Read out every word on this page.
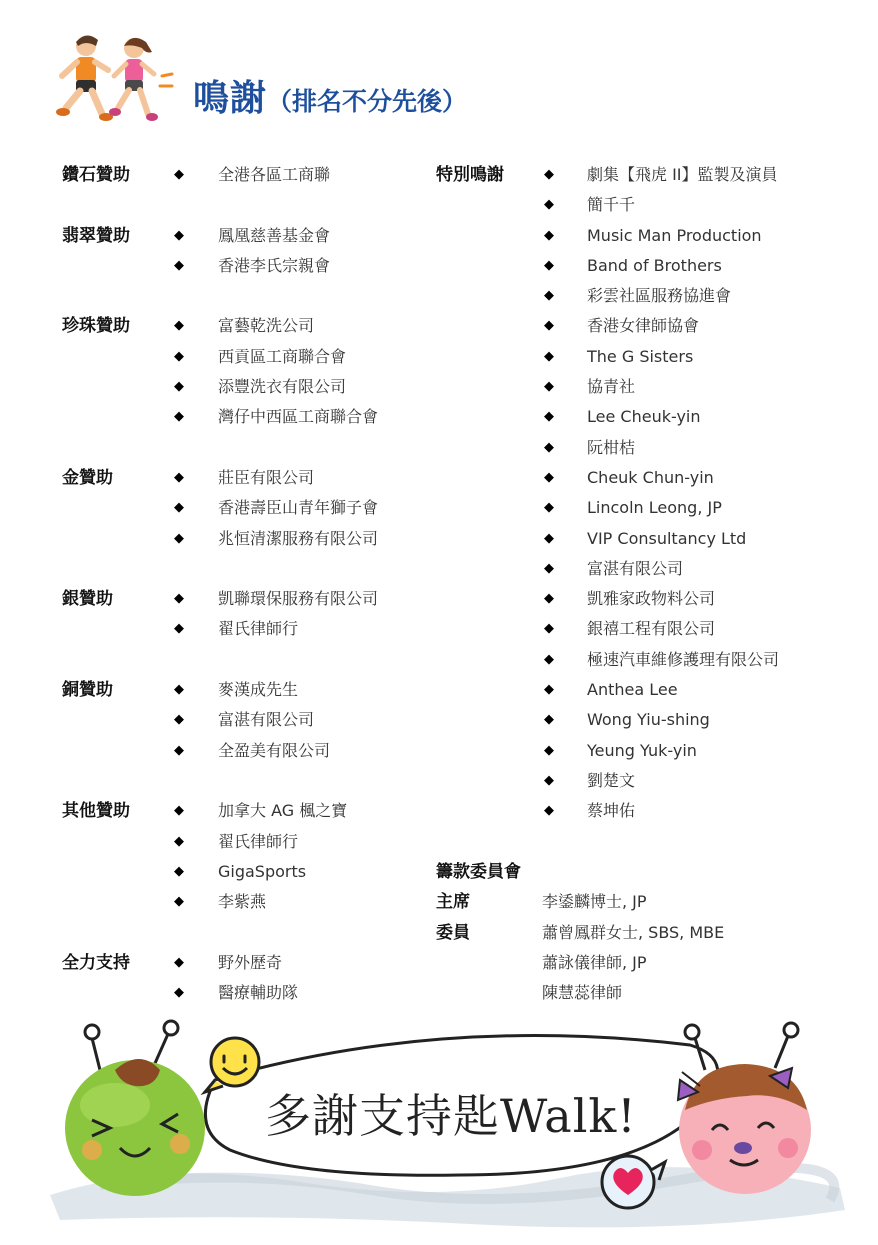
鳴謝（排名不分先後）
鑽石贊助	◆ 全港各區工商聯
翡翠贊助	◆ 鳳凰慈善基金會
◆ 香港李氏宗親會
珍珠贊助	◆ 富藝乾洗公司
◆ 西貢區工商聯合會
◆ 添豐洗衣有限公司
◆ 灣仔中西區工商聯合會
金贊助	◆ 莊臣有限公司
◆ 香港壽臣山青年獅子會
◆ 兆恒清潔服務有限公司
銀贊助	◆ 凱聯環保服務有限公司
◆ 翟氏律師行
銅贊助	◆ 麥漢成先生
◆ 富湛有限公司
◆ 全盈美有限公司
其他贊助	◆ 加拿大 AG 楓之寶
◆ 翟氏律師行
◆ GigaSports
◆ 李紫燕
全力支持	◆ 野外歷奇
◆ 醫療輔助隊
特別鳴謝	◆ 劇集【飛虎 II】監製及演員
◆ 簡千千
◆ Music Man Production
◆ Band of Brothers
◆ 彩雲社區服務協進會
◆ 香港女律師協會
◆ The G Sisters
◆ 協青社
◆ Lee Cheuk-yin
◆ 阮柑桔
◆ Cheuk Chun-yin
◆ Lincoln Leong, JP
◆ VIP Consultancy Ltd
◆ 富湛有限公司
◆ 凱雅家政物料公司
◆ 銀禧工程有限公司
◆ 極速汽車維修護理有限公司
◆ Anthea Lee
◆ Wong Yiu-shing
◆ Yeung Yuk-yin
◆ 劉楚文
◆ 蔡坤佑
籌款委員會
主席	李鋈麟博士, JP
委員	蕭曾鳳群女士, SBS, MBE
蕭詠儀律師, JP
陳慧蕊律師
多謝支持匙Walk!
